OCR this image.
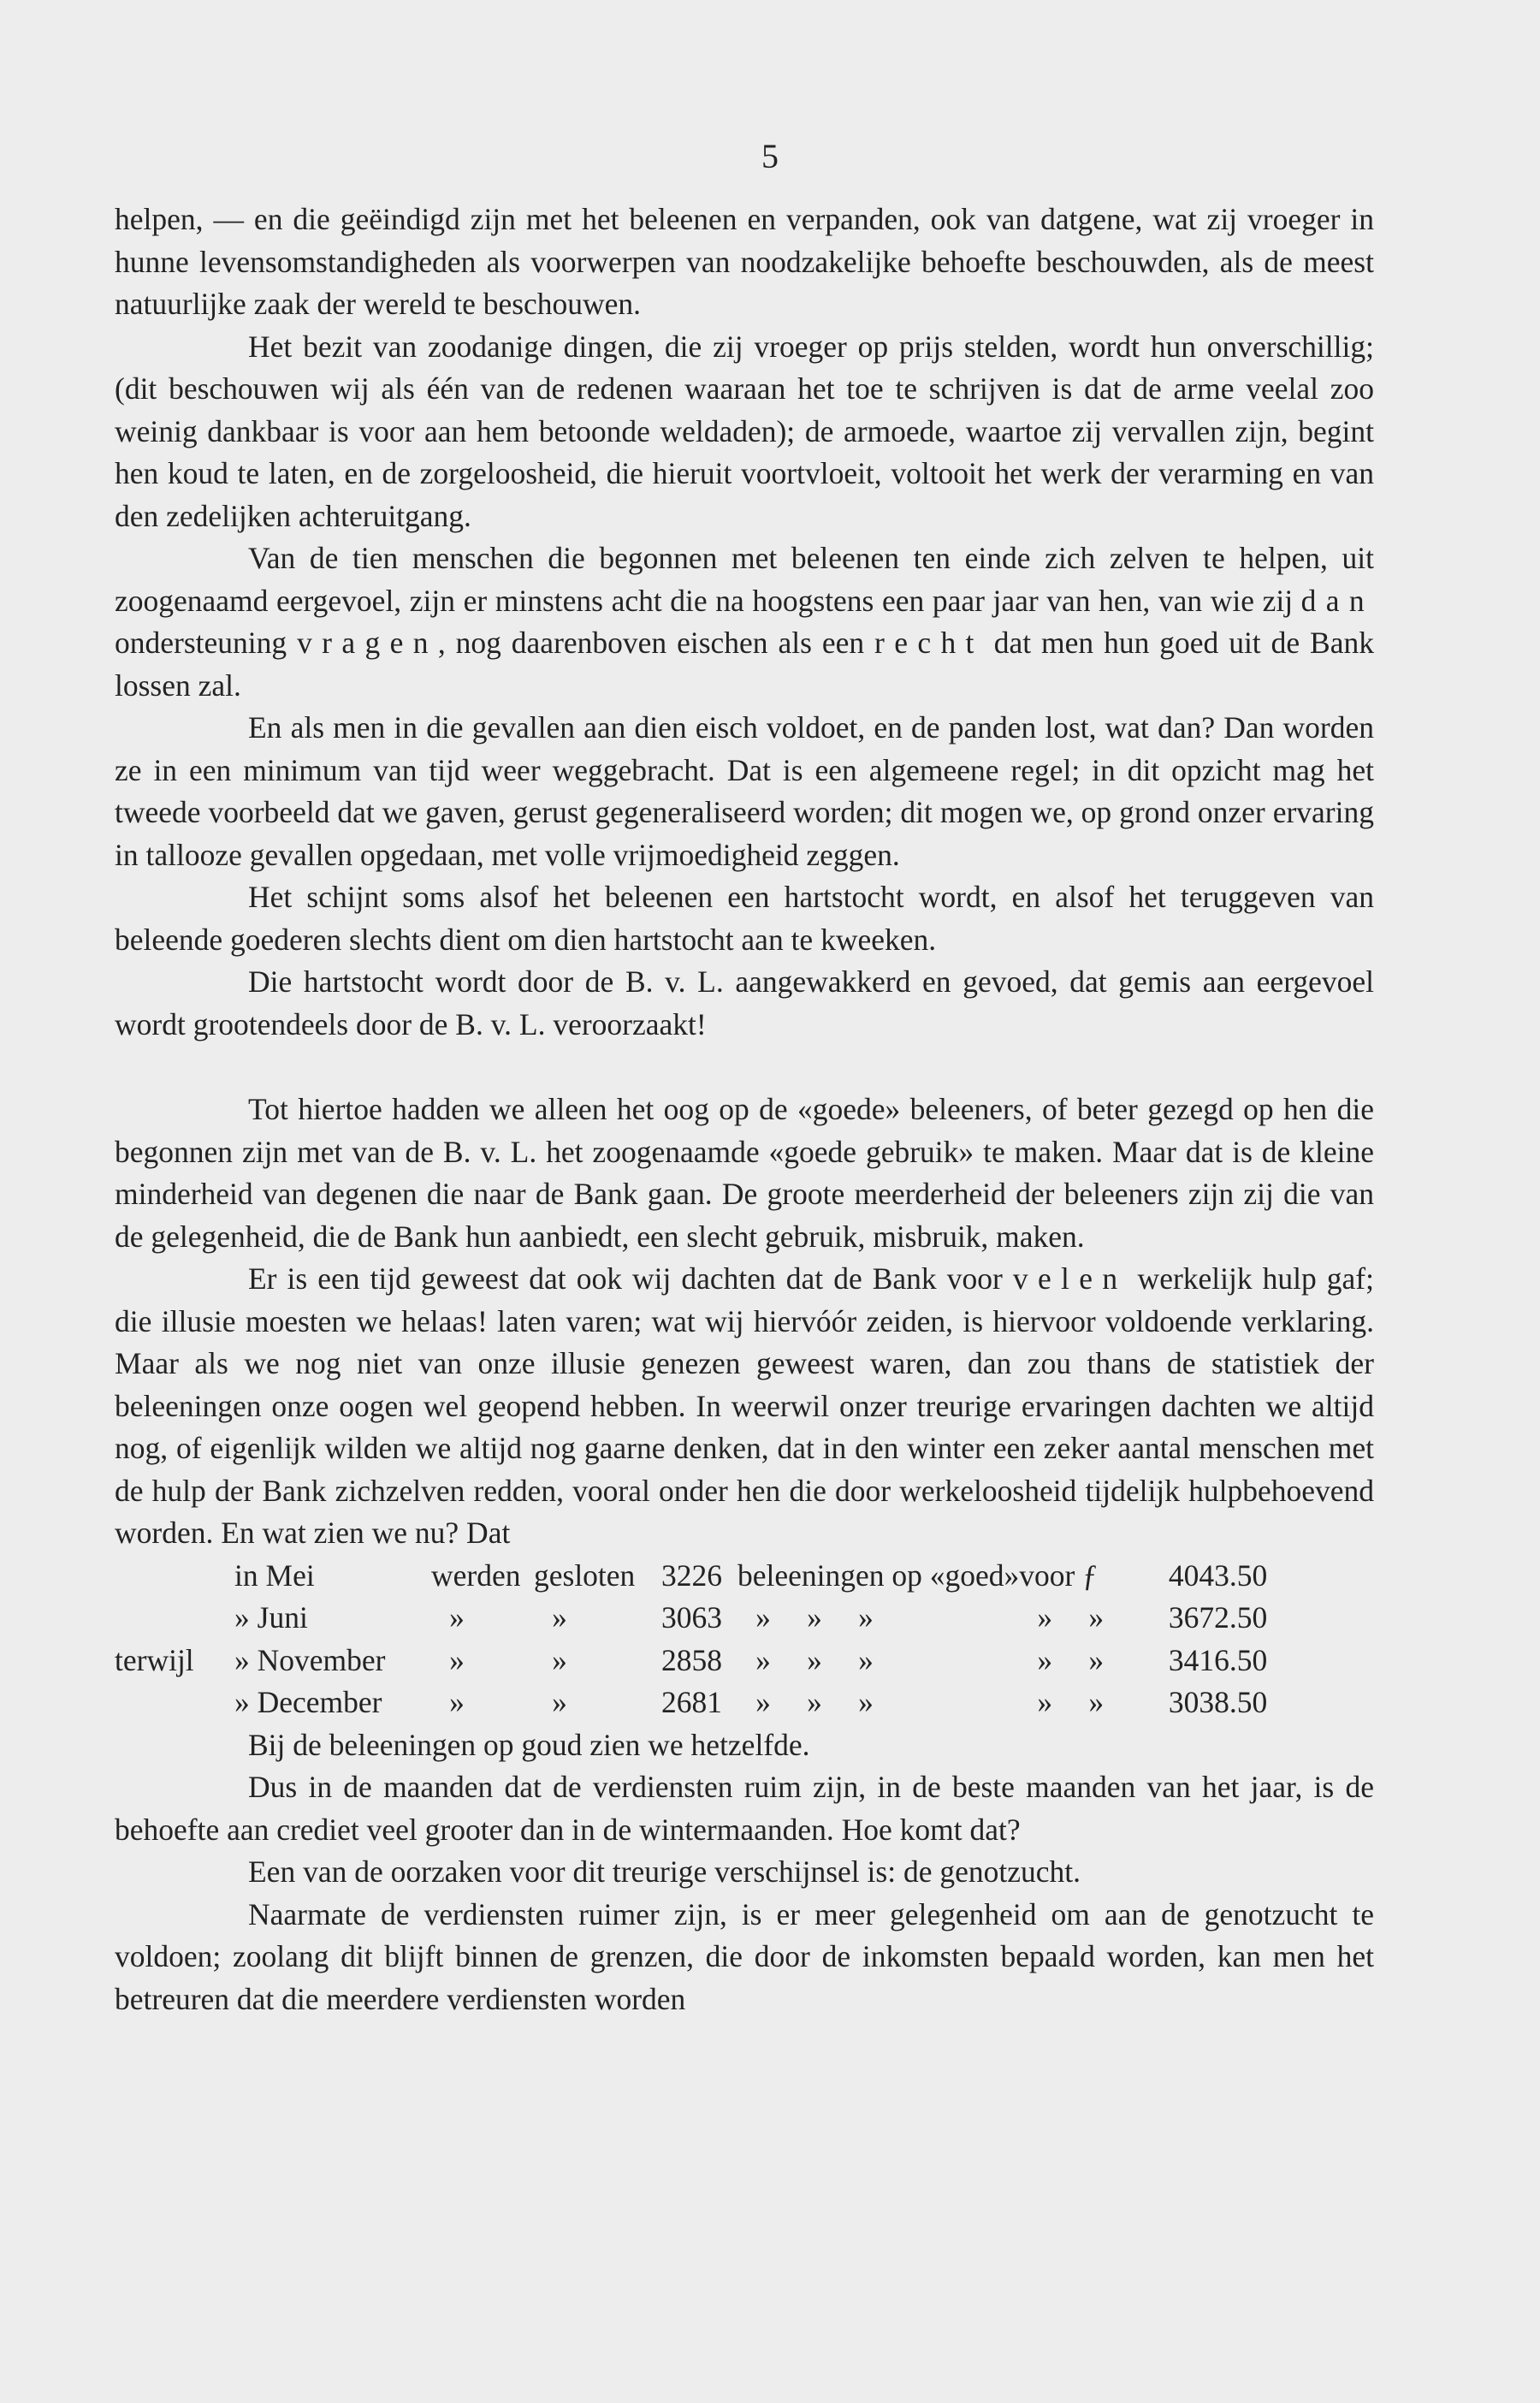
5

helpen, — en die geëindigd zijn met het beleenen en verpanden, ook van datgene, wat zij vroeger in hunne levensomstandigheden als voorwerpen van noodzakelijke behoefte beschouwden, als de meest natuurlijke zaak der wereld te beschouwen.

Het bezit van zoodanige dingen, die zij vroeger op prijs stelden, wordt hun onverschillig; (dit beschouwen wij als één van de redenen waaraan het toe te schrijven is dat de arme veelal zoo weinig dankbaar is voor aan hem betoonde weldaden); de armoede, waartoe zij vervallen zijn, begint hen koud te laten, en de zorgeloosheid, die hieruit voortvloeit, voltooit het werk der verarming en van den zedelijken achteruitgang.

Van de tien menschen die begonnen met beleenen ten einde zich zelven te helpen, uit zoogenaamd eergevoel, zijn er minstens acht die na hoogstens een paar jaar van hen, van wie zij dan ondersteuning vragen, nog daarenboven eischen als een recht dat men hun goed uit de Bank lossen zal.

En als men in die gevallen aan dien eisch voldoet, en de panden lost, wat dan? Dan worden ze in een minimum van tijd weer weggebracht. Dat is een algemeene regel; in dit opzicht mag het tweede voorbeeld dat we gaven, gerust gegeneraliseerd worden; dit mogen we, op grond onzer ervaring in tallooze gevallen opgedaan, met volle vrijmoedigheid zeggen.

Het schijnt soms alsof het beleenen een hartstocht wordt, en alsof het teruggeven van beleende goederen slechts dient om dien hartstocht aan te kweeken.

Die hartstocht wordt door de B. v. L. aangewakkerd en gevoed, dat gemis aan eergevoel wordt grootendeels door de B. v. L. veroorzaakt!

Tot hiertoe hadden we alleen het oog op de «goede» beleeners, of beter gezegd op hen die begonnen zijn met van de B. v. L. het zoogenaamde «goede gebruik» te maken. Maar dat is de kleine minderheid van degenen die naar de Bank gaan. De groote meerderheid der beleeners zijn zij die van de gelegenheid, die de Bank hun aanbiedt, een slecht gebruik, misbruik, maken.

Er is een tijd geweest dat ook wij dachten dat de Bank voor velen werkelijk hulp gaf; die illusie moesten we helaas! laten varen; wat wij hiervóór zeiden, is hiervoor voldoende verklaring. Maar als we nog niet van onze illusie genezen geweest waren, dan zou thans de statistiek der beleeningen onze oogen wel geopend hebben. In weerwil onzer treurige ervaringen dachten we altijd nog, of eigenlijk wilden we altijd nog gaarne denken, dat in den winter een zeker aantal menschen met de hulp der Bank zichzelven redden, vooral onder hen die door werkeloosheid tijdelijk hulpbehoevend worden. En wat zien we nu? Dat

	in Mei	werden	gesloten	3226	beleeningen op «goed»	voor ƒ	4043.50
	» Juni	»	»	3063	» » »	» »	3672.50
terwijl	» November	»	»	2858	» » »	» »	3416.50
	» December	»	»	2681	» » »	» »	3038.50

Bij de beleeningen op goud zien we hetzelfde.

Dus in de maanden dat de verdiensten ruim zijn, in de beste maanden van het jaar, is de behoefte aan crediet veel grooter dan in de wintermaanden. Hoe komt dat?

Een van de oorzaken voor dit treurige verschijnsel is: de genotzucht.

Naarmate de verdiensten ruimer zijn, is er meer gelegenheid om aan de genotzucht te voldoen; zoolang dit blijft binnen de grenzen, die door de inkomsten bepaald worden, kan men het betreuren dat die meerdere verdiensten worden
